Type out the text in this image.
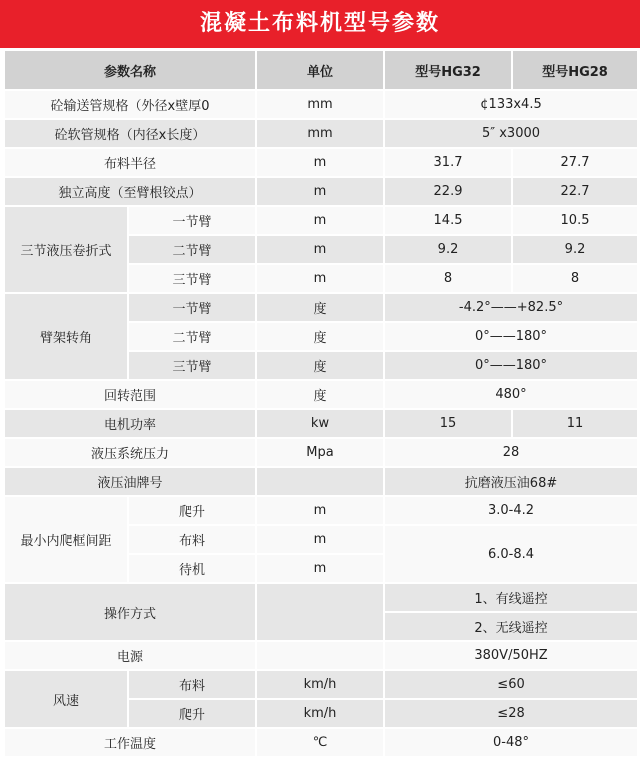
混凝土布料机型号参数
参数名称		单位	型号HG32	型号HG28
砼输送管规格（外径x壁厚0		mm	¢133x4.5	
砼软管规格（内径x长度）		mm	5″ x3000	
布料半径		m	31.7	27.7
独立高度（至臂根铰点）		m	22.9	22.7
三节液压卷折式	一节臂	m	14.5	10.5
	二节臂	m	9.2	9.2
	三节臂	m	8	8
臂架转角	一节臂	度	-4.2°——+82.5°	
	二节臂	度	0°——180°	
	三节臂	度	0°——180°	
回转范围		度	480°	
电机功率		kw	15	11
液压系统压力		Mpa	28	
液压油牌号			抗磨液压油68#	
最小内爬框间距	爬升	m	3.0-4.2	
	布料	m	6.0-8.4	
	待机	m		
操作方式			1、有线遥控	
			2、无线遥控	
电源			380V/50HZ	
风速	布料	km/h	≤60	
	爬升	km/h	≤28	
工作温度		℃	0-48°	
